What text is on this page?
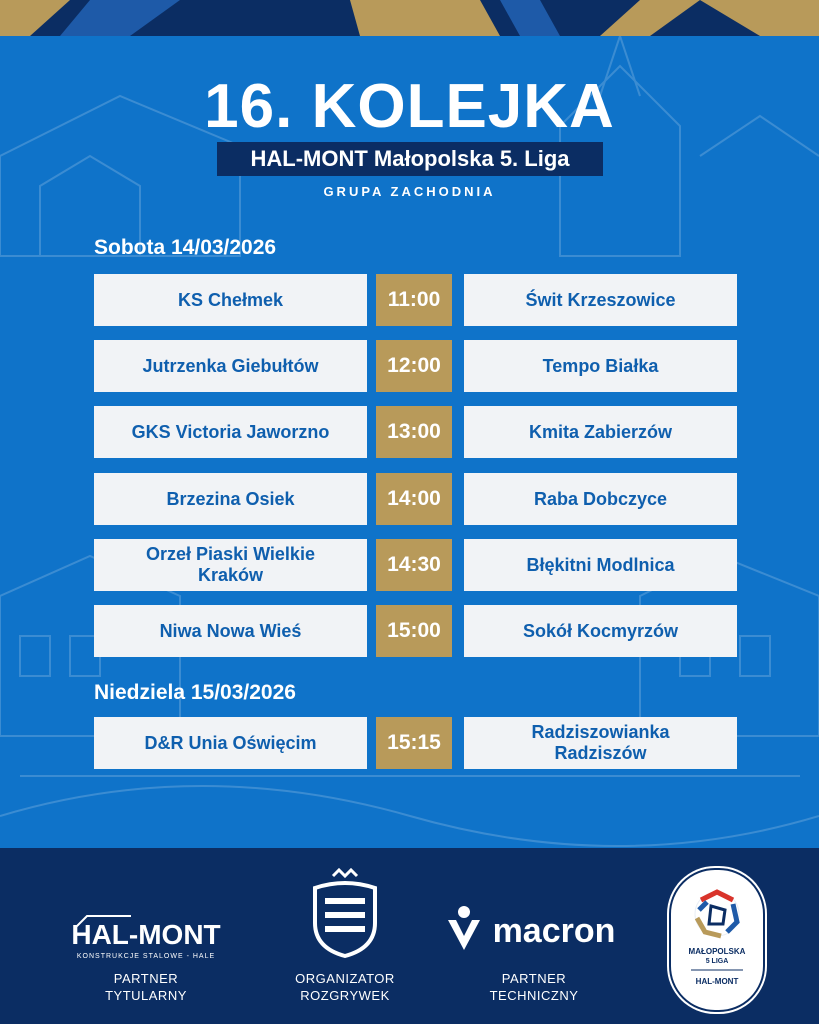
16. KOLEJKA
HAL-MONT Małopolska 5. Liga
GRUPA ZACHODNIA
Sobota 14/03/2026
KS Chełmek	11:00	Świt Krzeszowice
Jutrzenka Giebułtów	12:00	Tempo Białka
GKS Victoria Jaworzno	13:00	Kmita Zabierzów
Brzezina Osiek	14:00	Raba Dobczyce
Orzeł Piaski Wielkie Kraków	14:30	Błękitni Modlnica
Niwa Nowa Wieś	15:00	Sokół Kocmyrzów
Niedziela 15/03/2026
D&R Unia Oświęcim	15:15	Radziszowianka Radziszów
HAL-MONT
KONSTRUKCJE STALOWE - HALE
PARTNER
TYTULARNY
ORGANIZATOR
ROZGRYWEK
macron
PARTNER
TECHNICZNY
MAŁOPOLSKA
5 LIGA
HAL-MONT
